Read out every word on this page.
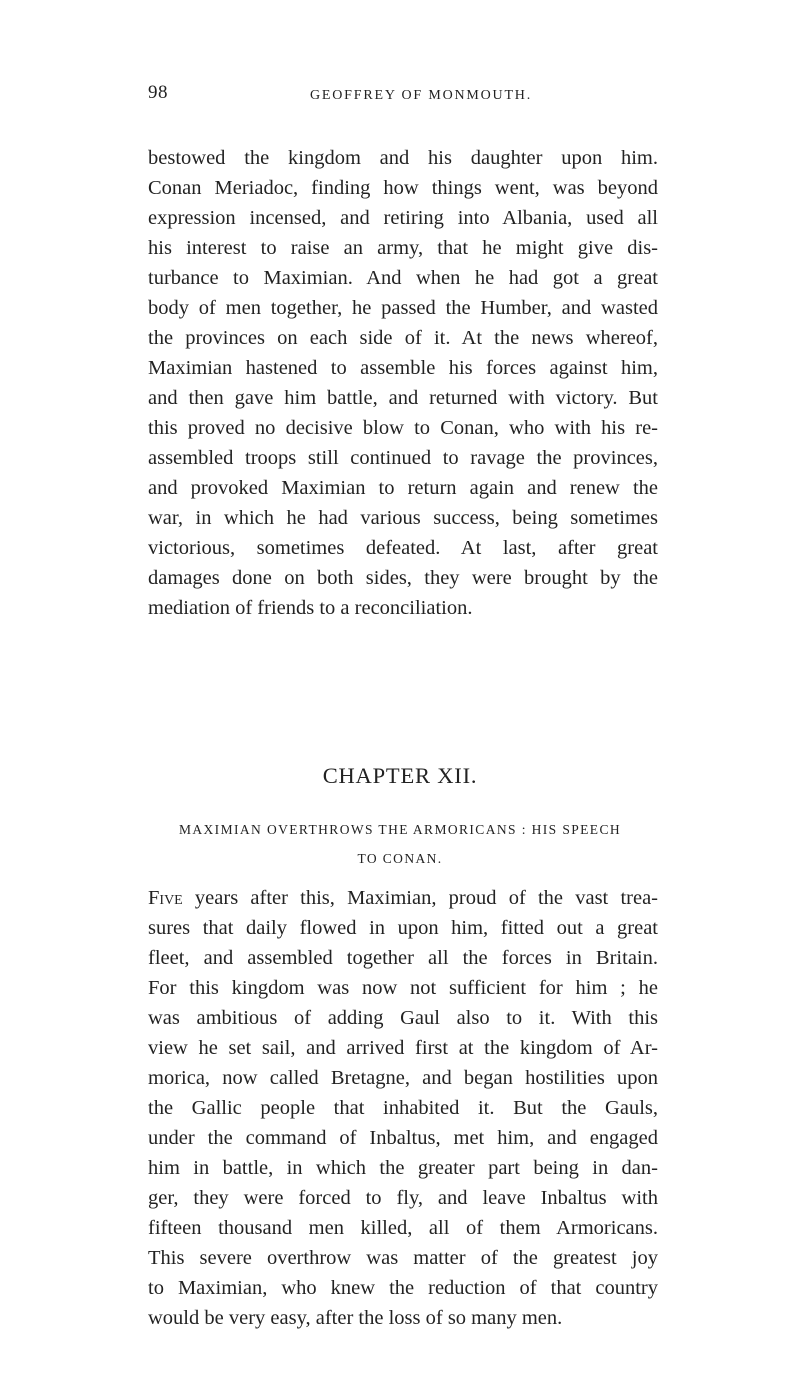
98	GEOFFREY OF MONMOUTH.
bestowed the kingdom and his daughter upon him.
Conan Meriadoc, finding how things went, was beyond
expression incensed, and retiring into Albania, used all
his interest to raise an army, that he might give dis-
turbance to Maximian. And when he had got a great
body of men together, he passed the Humber, and wasted
the provinces on each side of it. At the news whereof,
Maximian hastened to assemble his forces against him,
and then gave him battle, and returned with victory. But
this proved no decisive blow to Conan, who with his re-
assembled troops still continued to ravage the provinces,
and provoked Maximian to return again and renew the
war, in which he had various success, being sometimes
victorious, sometimes defeated. At last, after great
damages done on both sides, they were brought by the
mediation of friends to a reconciliation.
CHAPTER XII.
MAXIMIAN OVERTHROWS THE ARMORICANS : HIS SPEECH
TO CONAN.
Five years after this, Maximian, proud of the vast trea-
sures that daily flowed in upon him, fitted out a great
fleet, and assembled together all the forces in Britain.
For this kingdom was now not sufficient for him ; he
was ambitious of adding Gaul also to it. With this
view he set sail, and arrived first at the kingdom of Ar-
morica, now called Bretagne, and began hostilities upon
the Gallic people that inhabited it. But the Gauls,
under the command of Inbaltus, met him, and engaged
him in battle, in which the greater part being in dan-
ger, they were forced to fly, and leave Inbaltus with
fifteen thousand men killed, all of them Armoricans.
This severe overthrow was matter of the greatest joy
to Maximian, who knew the reduction of that country
would be very easy, after the loss of so many men.
